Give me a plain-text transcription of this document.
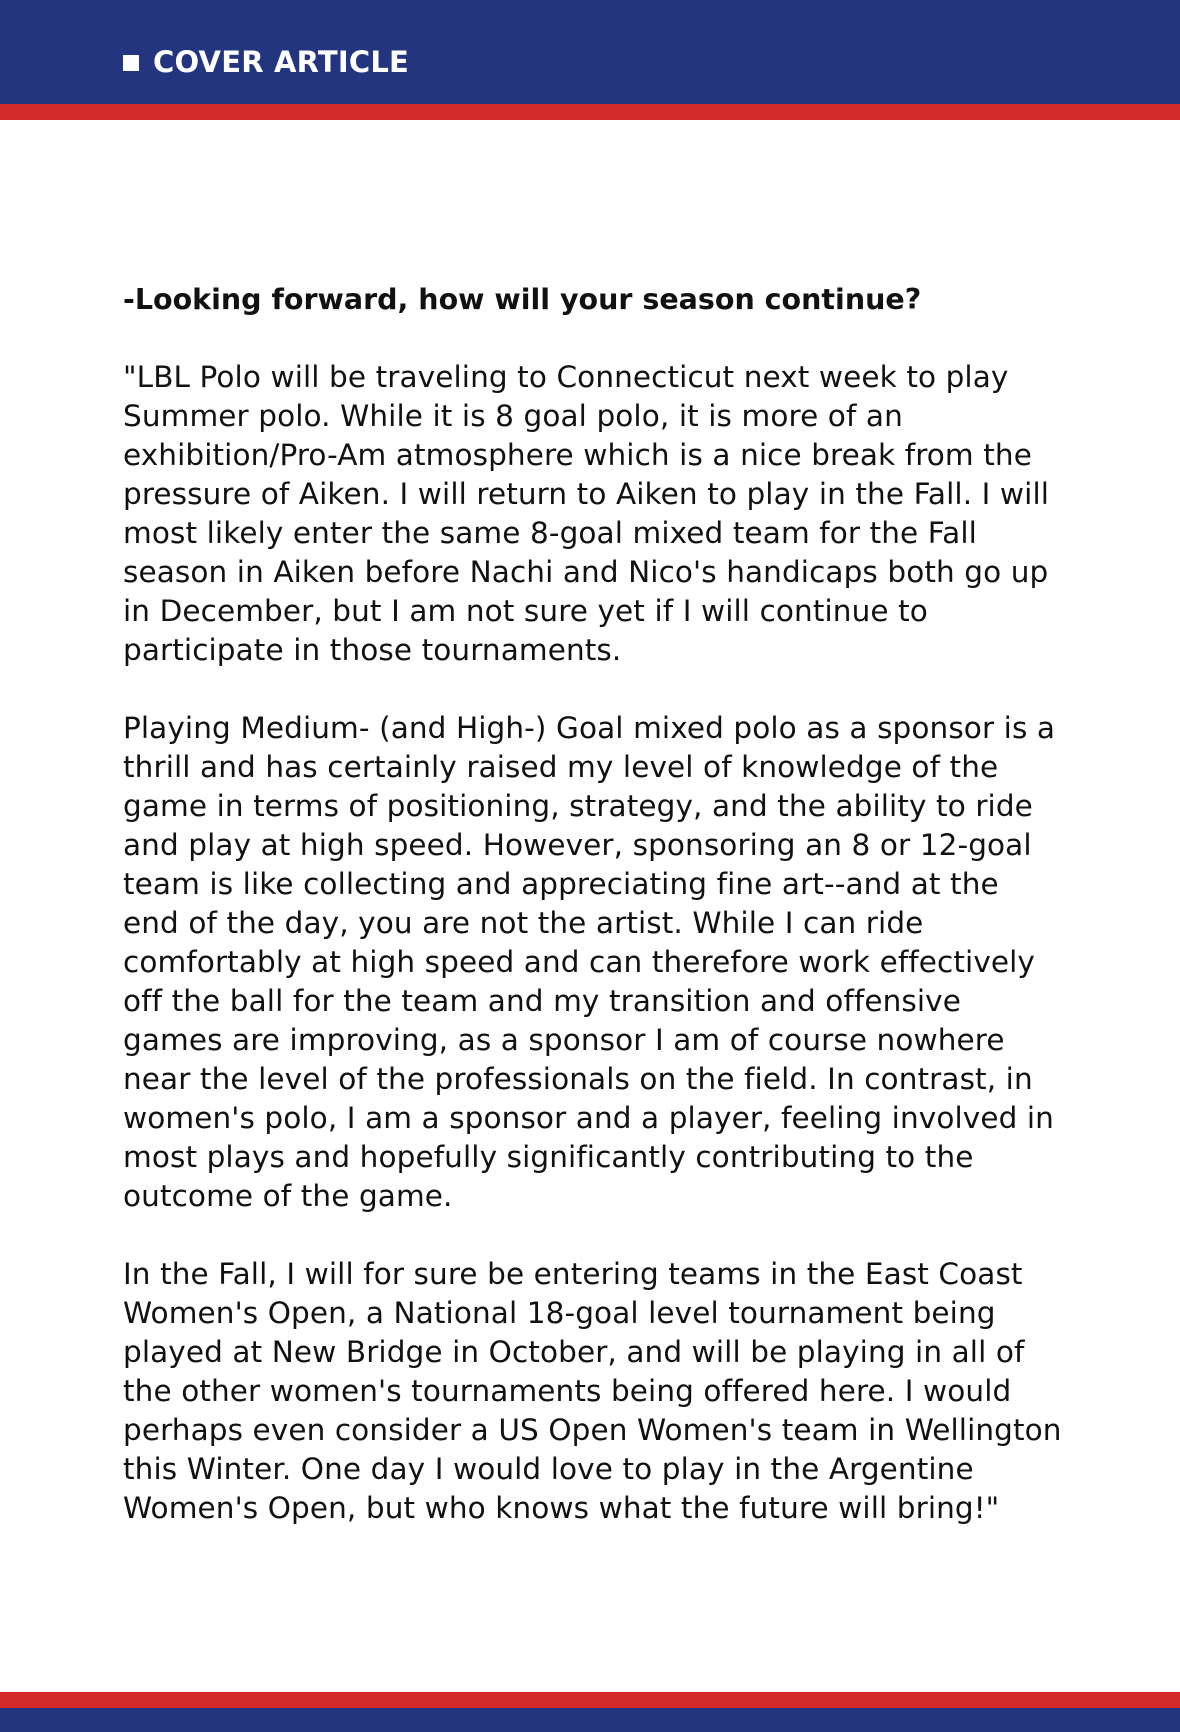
COVER ARTICLE

-Looking forward, how will your season continue?

"LBL Polo will be traveling to Connecticut next week to play Summer polo. While it is 8 goal polo, it is more of an exhibition/Pro-Am atmosphere which is a nice break from the pressure of Aiken. I will return to Aiken to play in the Fall. I will most likely enter the same 8-goal mixed team for the Fall season in Aiken before Nachi and Nico's handicaps both go up in December, but I am not sure yet if I will continue to participate in those tournaments.

Playing Medium- (and High-) Goal mixed polo as a sponsor is a thrill and has certainly raised my level of knowledge of the game in terms of positioning, strategy, and the ability to ride and play at high speed. However, sponsoring an 8 or 12-goal team is like collecting and appreciating fine art--and at the end of the day, you are not the artist. While I can ride comfortably at high speed and can therefore work effectively off the ball for the team and my transition and offensive games are improving, as a sponsor I am of course nowhere near the level of the professionals on the field. In contrast, in women's polo, I am a sponsor and a player, feeling involved in most plays and hopefully significantly contributing to the outcome of the game.

In the Fall, I will for sure be entering teams in the East Coast Women's Open, a National 18-goal level tournament being played at New Bridge in October, and will be playing in all of the other women's tournaments being offered here. I would perhaps even consider a US Open Women's team in Wellington this Winter. One day I would love to play in the Argentine Women's Open, but who knows what the future will bring!"
